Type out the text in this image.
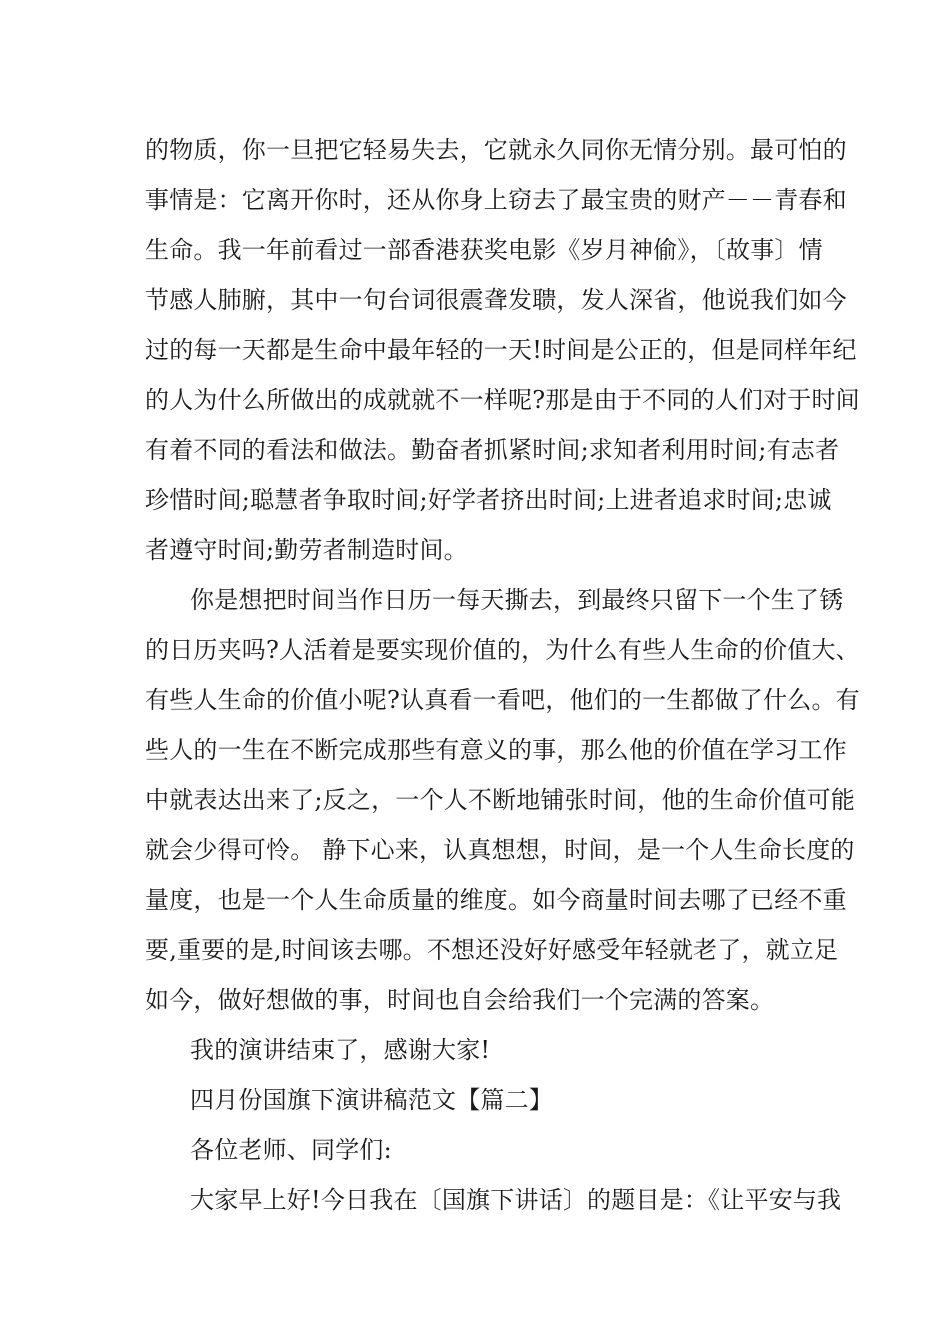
的物质，你一旦把它轻易失去，它就永久同你无情分别。最可怕的
事情是：它离开你时，还从你身上窃去了最宝贵的财产－－青春和
生命。我一年前看过一部香港获奖电影《岁月神偷》，〔故事〕情
节感人肺腑，其中一句台词很震聋发聩，发人深省，他说我们如今
过的每一天都是生命中最年轻的一天!时间是公正的，但是同样年纪
的人为什么所做出的成就就不一样呢?那是由于不同的人们对于时间
有着不同的看法和做法。勤奋者抓紧时间;求知者利用时间;有志者
珍惜时间;聪慧者争取时间;好学者挤出时间;上进者追求时间;忠诚
者遵守时间;勤劳者制造时间。
你是想把时间当作日历一每天撕去，到最终只留下一个生了锈
的日历夹吗?人活着是要实现价值的，为什么有些人生命的价值大、
有些人生命的价值小呢?认真看一看吧，他们的一生都做了什么。有
些人的一生在不断完成那些有意义的事，那么他的价值在学习工作
中就表达出来了;反之，一个人不断地铺张时间，他的生命价值可能
就会少得可怜。 静下心来，认真想想，时间，是一个人生命长度的
量度，也是一个人生命质量的维度。如今商量时间去哪了已经不重
要,重要的是,时间该去哪。不想还没好好感受年轻就老了，就立足
如今，做好想做的事，时间也自会给我们一个完满的答案。
我的演讲结束了，感谢大家!
四月份国旗下演讲稿范文【篇二】
各位老师、同学们:
大家早上好!今日我在〔国旗下讲话〕的题目是：《让平安与我
